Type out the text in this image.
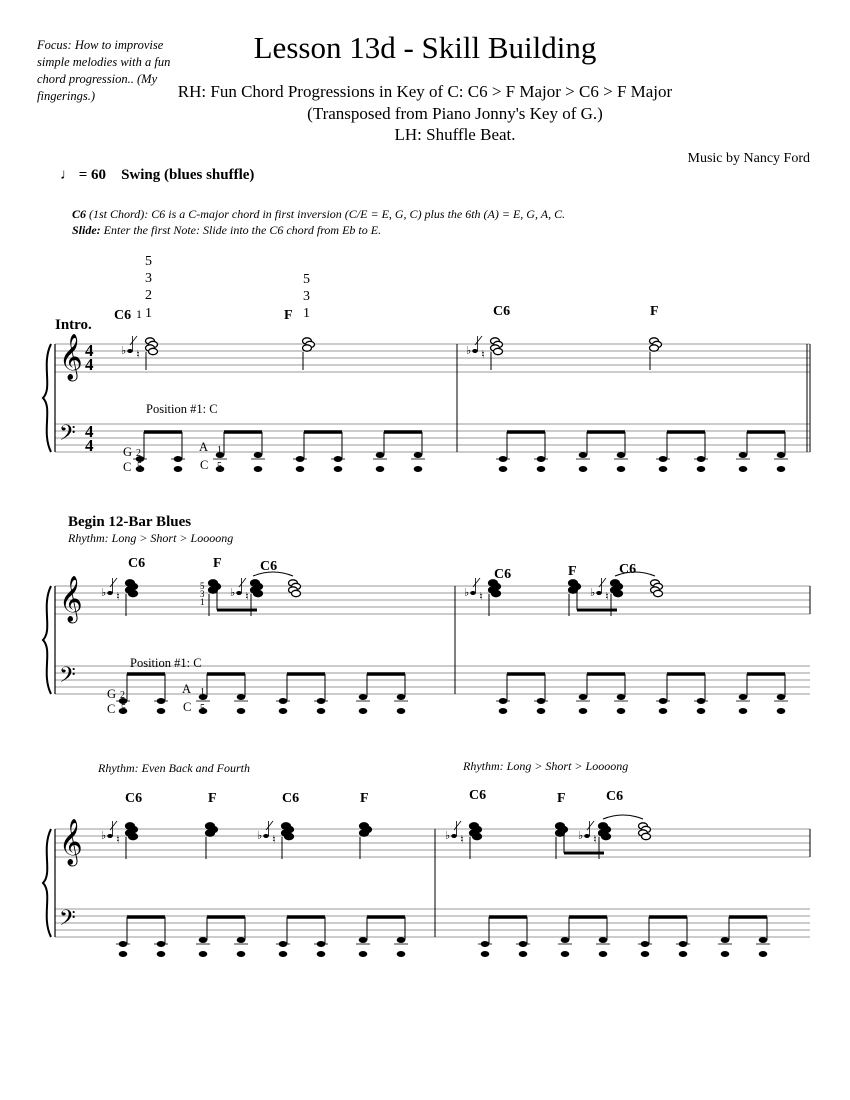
Lesson 13d - Skill Building
RH: Fun Chord Progressions in Key of C: C6 > F Major > C6 > F Major
(Transposed from Piano Jonny's Key of G.)
LH: Shuffle Beat.
Focus: How to improvise simple melodies with a fun chord progression.. (My fingerings.)
Music by Nancy Ford
♩ = 60 Swing (blues shuffle)
C6 (1st Chord): C6 is a C-major chord in first inversion (C/E = E, G, C) plus the 6th (A) = E, G, A, C.
Slide: Enter the first Note: Slide into the C6 chord from Eb to E.
𝄞
𝄢
𝄞
𝄢
𝄞
𝄢
♭ ♮	♭ ♮
♭ ♮	♭ ♮	♭ ♮	♭ ♮
♭ ♮	♭ ♮	♭ ♮	♭ ♮
Intro.
Position #1: C
C6	F	C6	F
1
5
3
2
1
5
3
1
4
4
4
4 G 2
C 5
A 1
C 5
Begin 12-Bar Blues
Rhythm: Long > Short > Loooong
Position #1: C
C6	F	C6
C6	F	C6
5
3
1
G 2
C 5
A 1
C 5
Rhythm: Even Back and Fourth	Rhythm: Long > Short > Loooong
C6	F	C6	F	C6	F	C6
